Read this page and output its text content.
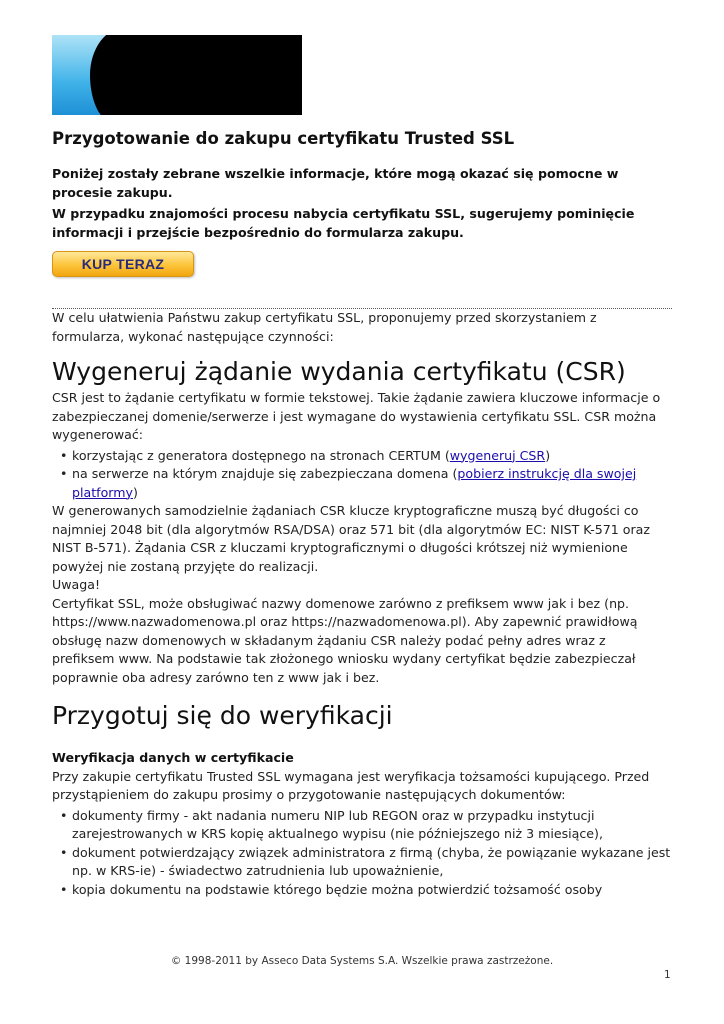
Przygotowanie do zakupu certyfikatu Trusted SSL

Poniżej zostały zebrane wszelkie informacje, które mogą okazać się pomocne w procesie zakupu.

W przypadku znajomości procesu nabycia certyfikatu SSL, sugerujemy pominięcie informacji i przejście bezpośrednio do formularza zakupu.

KUP TERAZ

W celu ułatwienia Państwu zakup certyfikatu SSL, proponujemy przed skorzystaniem z formularza, wykonać następujące czynności:

Wygeneruj żądanie wydania certyfikatu (CSR)

CSR jest to żądanie certyfikatu w formie tekstowej. Takie żądanie zawiera kluczowe informacje o zabezpieczanej domenie/serwerze i jest wymagane do wystawienia certyfikatu SSL. CSR można wygenerować:

• korzystając z generatora dostępnego na stronach CERTUM (wygeneruj CSR)
• na serwerze na którym znajduje się zabezpieczana domena (pobierz instrukcję dla swojej platformy)

W generowanych samodzielnie żądaniach CSR klucze kryptograficzne muszą być długości co najmniej 2048 bit (dla algorytmów RSA/DSA) oraz 571 bit (dla algorytmów EC: NIST K-571 oraz NIST B-571). Żądania CSR z kluczami kryptograficznymi o długości krótszej niż wymienione powyżej nie zostaną przyjęte do realizacji.

Uwaga!

Certyfikat SSL, może obsługiwać nazwy domenowe zarówno z prefiksem www jak i bez (np. https://www.nazwadomenowa.pl oraz https://nazwadomenowa.pl). Aby zapewnić prawidłową obsługę nazw domenowych w składanym żądaniu CSR należy podać pełny adres wraz z prefiksem www. Na podstawie tak złożonego wniosku wydany certyfikat będzie zabezpieczał poprawnie oba adresy zarówno ten z www jak i bez.

Przygotuj się do weryfikacji
Weryfikacja danych w certyfikacie

Przy zakupie certyfikatu Trusted SSL wymagana jest weryfikacja tożsamości kupującego. Przed przystąpieniem do zakupu prosimy o przygotowanie następujących dokumentów:

• dokumenty firmy - akt nadania numeru NIP lub REGON oraz w przypadku instytucji zarejestrowanych w KRS kopię aktualnego wypisu (nie późniejszego niż 3 miesiące),
• dokument potwierdzający związek administratora z firmą (chyba, że powiązanie wykazane jest np. w KRS-ie) - świadectwo zatrudnienia lub upoważnienie,
• kopia dokumentu na podstawie którego będzie można potwierdzić tożsamość osoby
© 1998-2011 by Asseco Data Systems S.A. Wszelkie prawa zastrzeżone.
1
